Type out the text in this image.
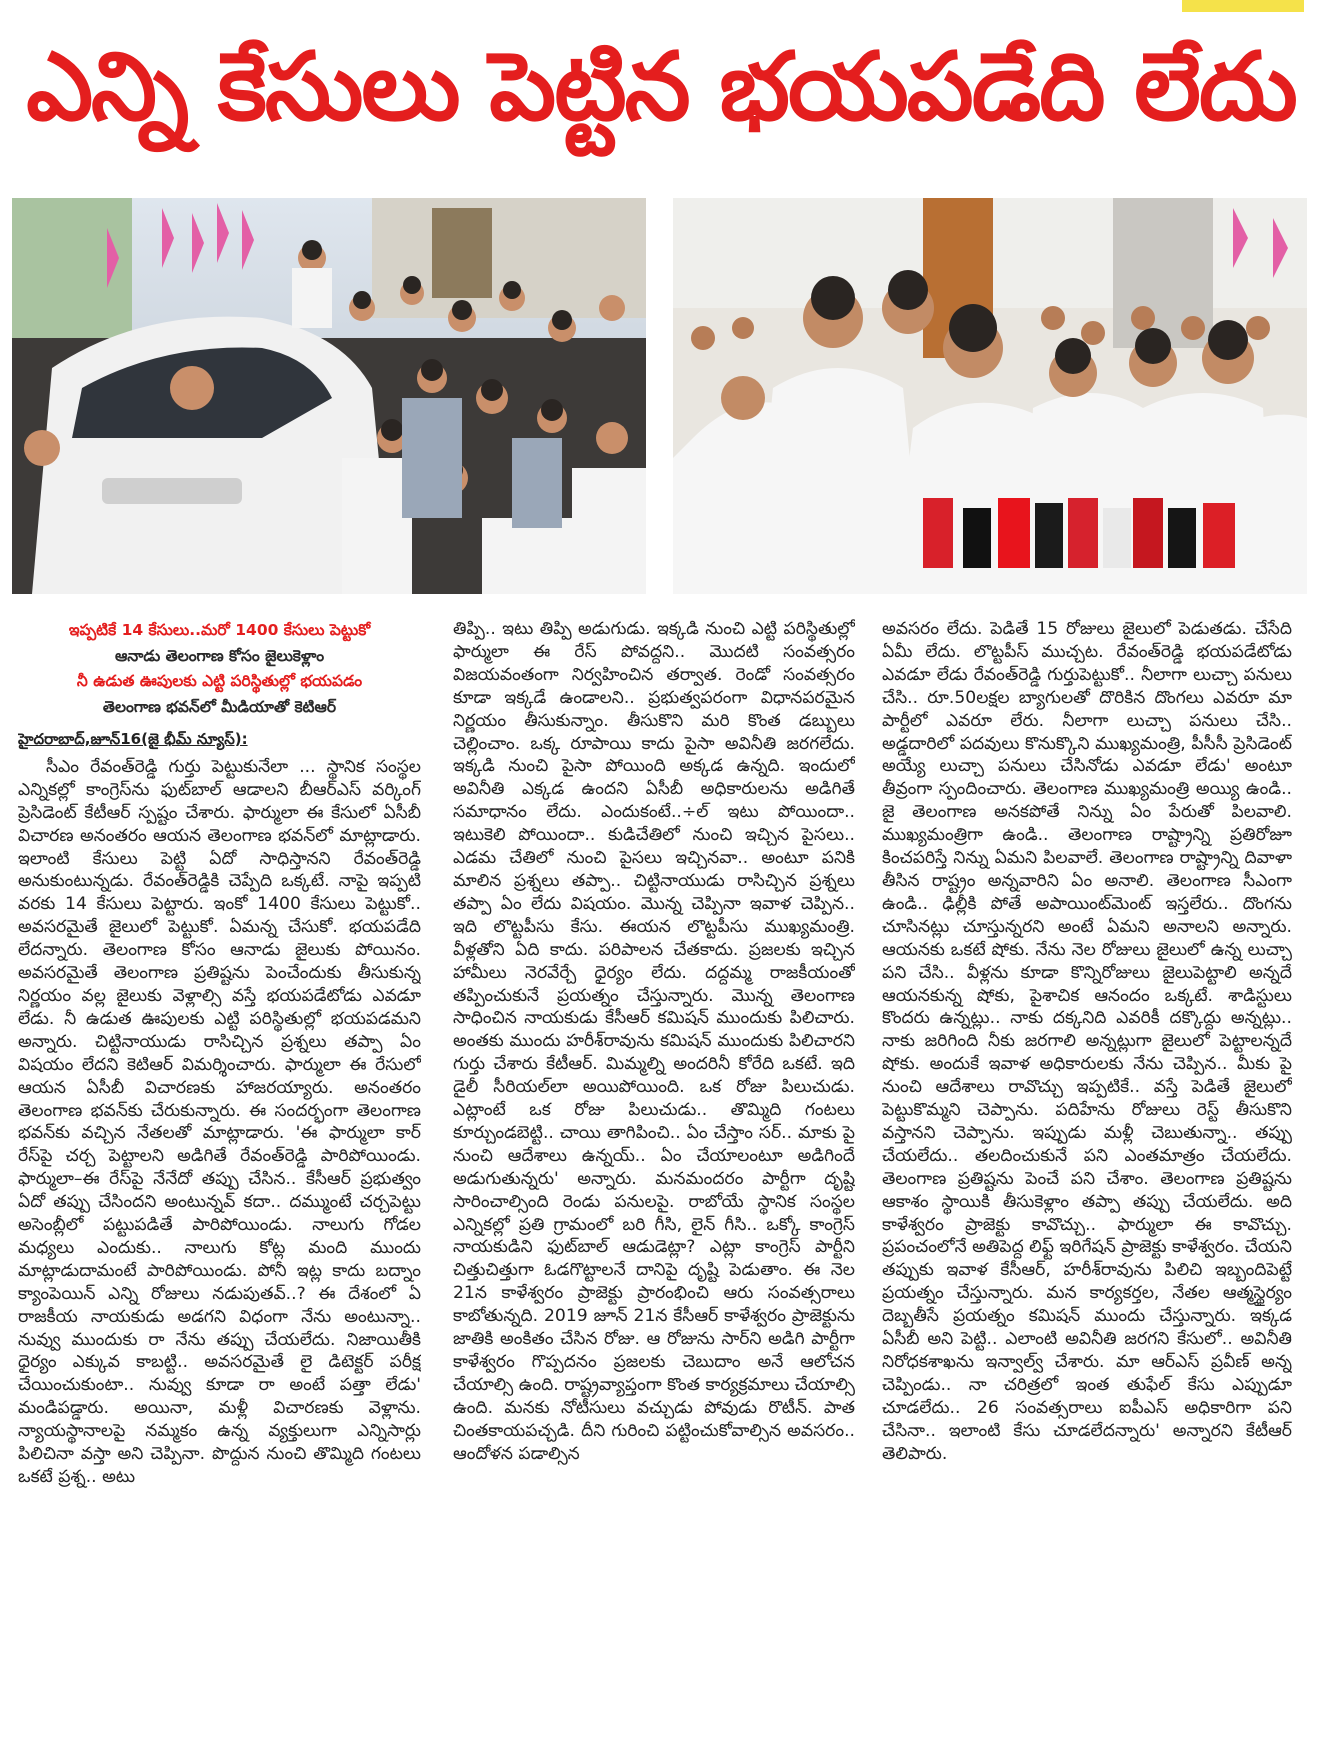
ఎన్ని కేసులు పెట్టిన భయపడేది లేదు

ఇప్పటికే 14 కేసులు..మరో 1400 కేసులు పెట్టుకో

ఆనాడు తెలంగాణ కోసం జైలుకెళ్లాం

నీ ఉడుత ఊపులకు ఎట్టి పరిస్థితుల్లో భయపడం

తెలంగాణ భవన్‌లో మీడియాతో కెటిఆర్

హైదరాబాద్,జూన్16(జై భీమ్ న్యూస్):

సీఎం రేవంత్‌రెడ్డి గుర్తు పెట్టుకునేలా ... స్థానిక సంస్థల ఎన్నికల్లో కాంగ్రెస్‌ను ఫుట్‌బాల్ ఆడాలని బీఆర్‌ఎస్ వర్కింగ్ ప్రెసిడెంట్ కేటీఆర్ స్పష్టం చేశారు. ఫార్ములా ఈ కేసులో ఏసీబీ విచారణ అనంతరం ఆయన తెలంగాణ భవన్‌లో మాట్లాడారు. ఇలాంటి కేసులు పెట్టి ఏదో సాధిస్తానని రేవంత్‌రెడ్డి అనుకుంటున్నడు. రేవంత్‌రెడ్డికి చెప్పేది ఒక్కటే. నాపై ఇప్పటి వరకు 14 కేసులు పెట్టారు. ఇంకో 1400 కేసులు పెట్టుకో.. అవసరమైతే జైలులో పెట్టుకో. ఏమన్న చేసుకో. భయపడేది లేదన్నారు. తెలంగాణ కోసం ఆనాడు జైలుకు పోయినం. అవసరమైతే తెలంగాణ ప్రతిష్టను పెంచేందుకు తీసుకున్న నిర్ణయం వల్ల జైలుకు వెళ్లాల్సి వస్తే భయపడేటోడు ఎవడూ లేడు. నీ ఉడుత ఊపులకు ఎట్టి పరిస్థితుల్లో భయపడమని అన్నారు. చిట్టినాయుడు రాసిచ్చిన ప్రశ్నలు తప్పా ఏం విషయం లేదని కెటిఆర్ విమర్శించారు. ఫార్ములా ఈ రేసులో ఆయన ఏసీబీ విచారణకు హాజరయ్యారు. అనంతరం తెలంగాణ భవన్‌కు చేరుకున్నారు. ఈ సందర్భంగా తెలంగాణ భవన్‌కు వచ్చిన నేతలతో మాట్లాడారు. 'ఈ ఫార్ములా కార్ రేస్‌పై చర్చ పెట్టాలని అడిగితే రేవంత్‌రెడ్డి పారిపోయిండు. ఫార్ములా–ఈ రేస్‌పై నేనేదో తప్పు చేసిన.. కేసీఆర్ ప్రభుత్వం ఏదో తప్పు చేసిందని అంటున్నవ్ కదా.. దమ్ముంటే చర్చపెట్టు అసెంబ్లీలో పట్టుపడితే పారిపోయిండు. నాలుగు గోడల మధ్యలు ఎందుకు.. నాలుగు కోట్ల మంది ముందు మాట్లాడుదామంటే పారిపోయిండు. పోనీ ఇట్ల కాదు బద్నాం క్యాంపెయిన్ ఎన్ని రోజులు నడుపుతవ్..? ఈ దేశంలో ఏ రాజకీయ నాయకుడు అడగని విధంగా నేను అంటున్నా.. నువ్వు ముందుకు రా నేను తప్పు చేయలేదు. నిజాయితీకి ధైర్యం ఎక్కువ కాబట్టి.. అవసరమైతే లై డిటెక్టర్ పరీక్ష చేయించుకుంటా.. నువ్వు కూడా రా అంటే పత్తా లేడు' మండిపడ్డారు. అయినా, మళ్లీ విచారణకు వెళ్లాను. న్యాయస్థానాలపై నమ్మకం ఉన్న వ్యక్తులుగా ఎన్నిసార్లు పిలిచినా వస్తా అని చెప్పినా. పొద్దున నుంచి తొమ్మిది గంటలు ఒకటే ప్రశ్న.. అటు

తిప్పి.. ఇటు తిప్పి అడుగుడు. ఇక్కడి నుంచి ఎట్టి పరిస్థితుల్లో ఫార్ములా ఈ రేస్ పోవద్దని.. మొదటి సంవత్సరం విజయవంతంగా నిర్వహించిన తర్వాత. రెండో సంవత్సరం కూడా ఇక్కడే ఉండాలని.. ప్రభుత్వపరంగా విధానపరమైన నిర్ణయం తీసుకున్నాం. తీసుకొని మరి కొంత డబ్బులు చెల్లించాం. ఒక్క రూపాయి కాదు పైసా అవినీతి జరగలేదు. ఇక్కడి నుంచి పైసా పోయింది అక్కడ ఉన్నది. ఇందులో అవినీతి ఎక్కడ ఉందని ఏసీబీ అధికారులను అడిగితే సమాధానం లేదు. ఎందుకంటే..÷ల్ ఇటు పోయిందా.. ఇటుకెలి పోయిందా.. కుడిచేతిలో నుంచి ఇచ్చిన పైసలు.. ఎడమ చేతిలో నుంచి పైసలు ఇచ్చినవా.. అంటూ పనికి మాలిన ప్రశ్నలు తప్పా.. చిట్టినాయుడు రాసిచ్చిన ప్రశ్నలు తప్పా ఏం లేదు విషయం. మొన్న చెప్పినా ఇవాళ చెప్పిన.. ఇది లొట్టపీసు కేసు. ఈయన లొట్టపీసు ముఖ్యమంత్రి. వీళ్లతోని ఏది కాదు. పరిపాలన చేతకాదు. ప్రజలకు ఇచ్చిన హామీలు నెరవేర్చే ధైర్యం లేదు. దద్దమ్మ రాజకీయంతో తప్పించుకునే ప్రయత్నం చేస్తున్నారు. మొన్న తెలంగాణ సాధించిన నాయకుడు కేసీఆర్ కమిషన్ ముందుకు పిలిచారు. అంతకు ముందు హరీశ్‌రావును కమిషన్ ముందుకు పిలిచారని గుర్తు చేశారు కేటీఆర్. మిమ్మల్ని అందరినీ కోరేది ఒకటే. ఇది డైలీ సీరియల్‌లా అయిపోయింది. ఒక రోజు పిలుచుడు. ఎట్లాంటే ఒక రోజు పిలుచుడు.. తొమ్మిది గంటలు కూర్చుండబెట్టి.. చాయి తాగిపించి.. ఏం చేస్తాం సర్.. మాకు పై నుంచి ఆదేశాలు ఉన్నయ్.. ఏం చేయాలంటూ అడిగిందే అడుగుతున్నరు' అన్నారు. మనమందరం పార్టీగా దృష్టి సారించాల్సింది రెండు పనులపై. రాబోయే స్థానిక సంస్థల ఎన్నికల్లో ప్రతి గ్రామంలో బరి గీసి, లైన్ గీసి.. ఒక్కో కాంగ్రెస్ నాయకుడిని ఫుట్‌బాల్ ఆడుడెట్లా? ఎట్లా కాంగ్రెస్ పార్టీని చిత్తుచిత్తుగా ఓడగొట్టాలనే దానిపై దృష్టి పెడుతాం. ఈ నెల 21న కాళేశ్వరం ప్రాజెక్టు ప్రారంభించి ఆరు సంవత్సరాలు కాబోతున్నది. 2019 జూన్ 21న కేసీఆర్ కాళేశ్వరం ప్రాజెక్టును జాతికి అంకితం చేసిన రోజు. ఆ రోజును సార్‌ని అడిగి పార్టీగా కాళేశ్వరం గొప్పదనం ప్రజలకు చెబుదాం అనే ఆలోచన చేయాల్సి ఉంది. రాష్ట్రవ్యాప్తంగా కొంత కార్యక్రమాలు చేయాల్సి ఉంది. మనకు నోటీసులు వచ్చుడు పోవుడు రొటీన్. పాత చింతకాయపచ్చడి. దీని గురించి పట్టించుకోవాల్సిన అవసరం.. ఆందోళన పడాల్సిన

అవసరం లేదు. పెడితే 15 రోజులు జైలులో పెడుతడు. చేసేది ఏమీ లేదు. లొట్టపీస్ ముచ్చట. రేవంత్‌రెడ్డి భయపడేటోడు ఎవడూ లేడు రేవంత్‌రెడ్డి గుర్తుపెట్టుకో.. నీలాగా లుచ్చా పనులు చేసి.. రూ.50లక్షల బ్యాగులతో దొరికిన దొంగలు ఎవరూ మా పార్టీలో ఎవరూ లేరు. నీలాగా లుచ్చా పనులు చేసి.. అడ్డదారిలో పదవులు కొనుక్కొని ముఖ్యమంత్రి, పీసీసీ ప్రెసిడెంట్ అయ్యే లుచ్చా పనులు చేసినోడు ఎవడూ లేడు' అంటూ తీవ్రంగా స్పందించారు. తెలంగాణ ముఖ్యమంత్రి అయ్యి ఉండి.. జై తెలంగాణ అనకపోతే నిన్ను ఏం పేరుతో పిలవాలి. ముఖ్యమంత్రిగా ఉండి.. తెలంగాణ రాష్ట్రాన్ని ప్రతిరోజూ కించపరిస్తే నిన్ను ఏమని పిలవాలే. తెలంగాణ రాష్ట్రాన్ని దివాళా తీసిన రాష్ట్రం అన్నవారిని ఏం అనాలి. తెలంగాణ సీఎంగా ఉండి.. ఢిల్లీకి పోతే అపాయింట్‌మెంట్ ఇస్తలేరు.. దొంగను చూసినట్లు చూస్తున్నరని అంటే ఏమని అనాలని అన్నారు. ఆయనకు ఒకటే షోకు. నేను నెల రోజులు జైలులో ఉన్న లుచ్చా పని చేసి.. వీళ్లను కూడా కొన్నిరోజులు జైలుపెట్టాలి అన్నదే ఆయనకున్న షోకు, పైశాచిక ఆనందం ఒక్కటే. శాడిస్టులు కొందరు ఉన్నట్లు.. నాకు దక్కనిది ఎవరికీ దక్కొద్దు అన్నట్లు.. నాకు జరిగింది నీకు జరగాలి అన్నట్లుగా జైలులో పెట్టాలన్నదే షోకు. అందుకే ఇవాళ అధికారులకు నేను చెప్పిన.. మీకు పై నుంచి ఆదేశాలు రావొచ్చు ఇప్పటికే.. వస్తే పెడితే జైలులో పెట్టుకొమ్మని చెప్పాను. పదిహేను రోజులు రెస్ట్ తీసుకొని వస్తానని చెప్పాను. ఇప్పుడు మళ్లీ చెబుతున్నా.. తప్పు చేయలేదు.. తలదించుకునే పని ఎంతమాత్రం చేయలేదు. తెలంగాణ ప్రతిష్టను పెంచే పని చేశాం. తెలంగాణ ప్రతిష్టను ఆకాశం స్థాయికి తీసుకెళ్లాం తప్పా తప్పు చేయలేదు. అది కాళేశ్వరం ప్రాజెక్టు కావొచ్చు.. ఫార్ములా ఈ కావొచ్చు. ప్రపంచంలోనే అతిపెద్ద లిఫ్ట్ ఇరిగేషన్ ప్రాజెక్టు కాళేశ్వరం. చేయని తప్పుకు ఇవాళ కేసీఆర్, హరీశ్‌రావును పిలిచి ఇబ్బందిపెట్టే ప్రయత్నం చేస్తున్నారు. మన కార్యకర్తల, నేతల ఆత్మస్థైర్యం దెబ్బతీసే ప్రయత్నం కమిషన్ ముందు చేస్తున్నారు. ఇక్కడ ఏసీబీ అని పెట్టి.. ఎలాంటి అవినీతి జరగని కేసులో.. అవినీతి నిరోధకశాఖను ఇన్వాల్వ్ చేశారు. మా ఆర్‌ఎస్ ప్రవీణ్ అన్న చెప్పిండు.. నా చరిత్రలో ఇంత తుఫేల్ కేసు ఎప్పుడూ చూడలేదు.. 26 సంవత్సరాలు ఐపీఎస్ అధికారిగా పని చేసినా.. ఇలాంటి కేసు చూడలేదన్నారు' అన్నారని కేటీఆర్ తెలిపారు.
